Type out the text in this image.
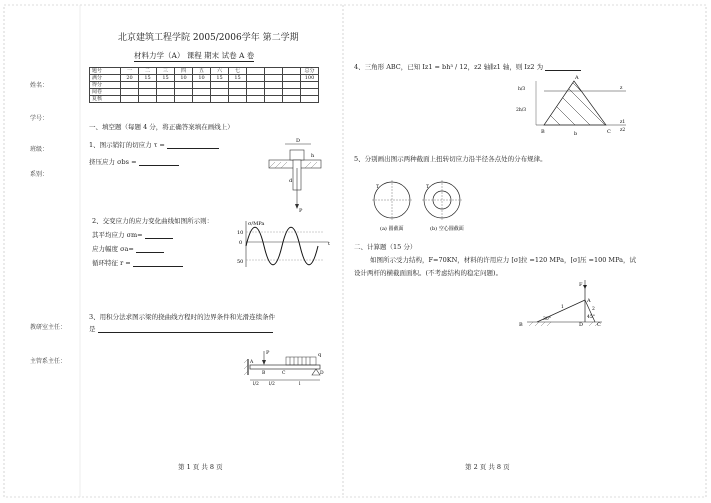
姓名：
学号：
班级：
系别：
教研室主任：
主管系主任：
北京建筑工程学院 2005/2006学年 第二学期
材料力学（A） 课程 期末 试卷 A 卷
题号	一	二	三	四	五	六	七				总分
满分	20	15	15	10	10	15	15				100
得分											
阅卷											
复核											
一、填空题（每题 4 分，将正确答案填在画线上）
1、图示销钉的切应力 τ =
挤压应力 σbs =
D
P
d
h
2、交变应力的应力变化曲线如图所示则：
其平均应力 σm=
应力幅度 σa=
循环特征 r =
σ/MPa
10
0
50
t
3、用积分法求图示梁的挠曲线方程时的边界条件和光滑连续条件
是
P	q
A
B	C	D
l/2 l/2	l
4、三角形 ABC，已知 Iz1 = bh³ / 12，z2 轴∥z1 轴，则 Iz2 为
A
B	C
h/3
2h/3
b
z
z1
z2
5、分别画出图示两种截面上扭转切应力沿半径各点处的分布规律。
T	T
(a) 圆截面	(b) 空心圆截面
二、计算题（15 分）
如图所示受力结构，F=70KN，材料的许用应力 [σ]拉 =120 MPa，[σ]压 =100 MPa，试
设计两杆的横截面面积。(不考虑结构的稳定问题)。
F
B
A
C
D
30°	45°
1	2
第 1 页 共 8 页	第 2 页 共 8 页
